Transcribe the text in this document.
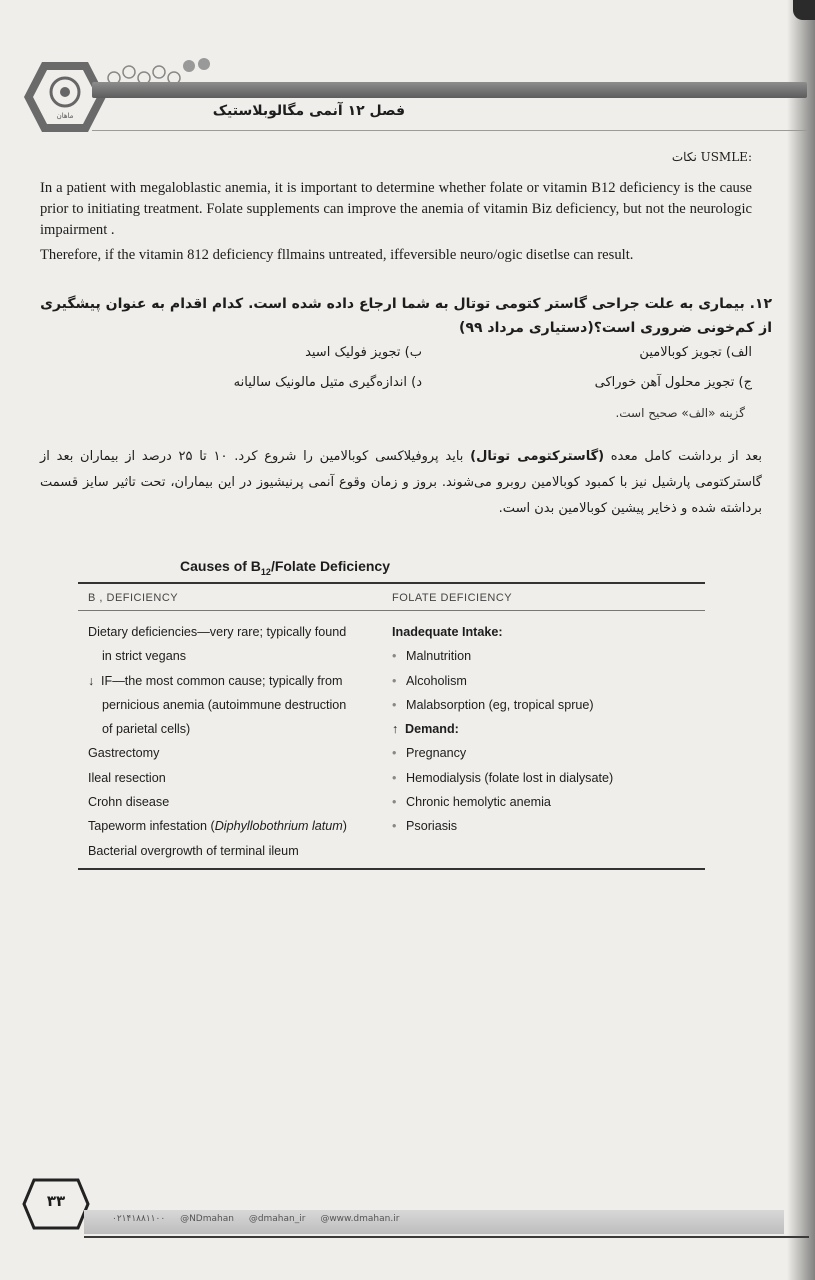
ماهان	فصل ۱۲ آنمی مگالوبلاستیک
نکات USMLE:

In a patient with megaloblastic anemia, it is important to determine whether folate or vitamin B12 deficiency is the cause prior to initiating treatment. Folate supplements can improve the anemia of vitamin Biz deficiency, but not the neurologic impairment .

Therefore, if the vitamin 812 deficiency fllmains untreated, iffeversible neuro/ogic disetlse can result.

۱۲. بیماری به علت جراحی گاستر کتومی توتال به شما ارجاع داده شده است. کدام اقدام به عنوان پیشگیری از کم‌خونی ضروری است؟(دستیاری مرداد ۹۹)
الف) تجویز کوبالامین
ب) تجویز فولیک اسید
ج) تجویز محلول آهن خوراکی
د) اندازه‌گیری متیل مالونیک سالیانه
گزینه «الف» صحیح است.
بعد از برداشت کامل معده (گاسترکتومی توتال) باید پروفیلاکسی کوبالامین را شروع کرد. ۱۰ تا ۲۵ درصد از بیماران بعد از گاسترکتومی پارشیل نیز با کمبود کوبالامین روبرو می‌شوند. بروز و زمان وقوع آنمی پرنیشیوز در این بیماران، تحت تاثیر سایز قسمت برداشته شده و ذخایر پیشین کوبالامین بدن است.
Causes of $B_{12}$/Folate Deficiency
B , DEFICIENCY	FOLATE DEFICIENCY
Dietary deficiencies—very rare; typically found
in strict vegans
↓ IF—the most common cause; typically from
pernicious anemia (autoimmune destruction
of parietal cells)
Gastrectomy
Ileal resection
Crohn disease
Tapeworm infestation (Diphyllobothrium latum)
Bacterial overgrowth of terminal ileum
Inadequate Intake:
• Malnutrition
• Alcoholism
• Malabsorption (eg, tropical sprue)
↑ Demand:
• Pregnancy
• Hemodialysis (folate lost in dialysate)
• Chronic hemolytic anemia
• Psoriasis
۳۳
۰۲۱۴۱۸۸۱۱۰۰ @NDmahan @dmahan_ir @www.dmahan.ir
